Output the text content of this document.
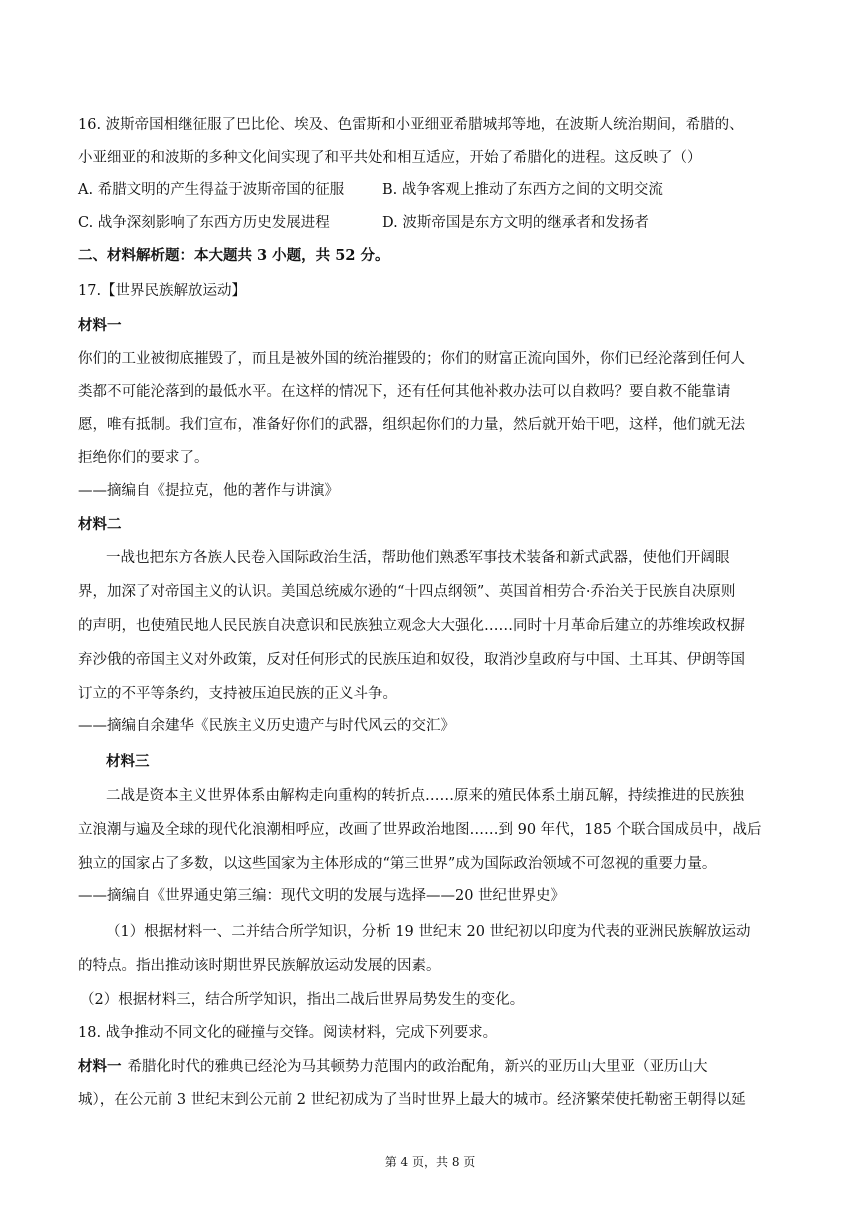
16. 波斯帝国相继征服了巴比伦、埃及、色雷斯和小亚细亚希腊城邦等地，在波斯人统治期间，希腊的、
小亚细亚的和波斯的多种文化间实现了和平共处和相互适应，开始了希腊化的进程。这反映了（）
A. 希腊文明的产生得益于波斯帝国的征服	B. 战争客观上推动了东西方之间的文明交流
C. 战争深刻影响了东西方历史发展进程	D. 波斯帝国是东方文明的继承者和发扬者
二、材料解析题：本大题共 3 小题，共 52 分。
17.【世界民族解放运动】
材料一
你们的工业被彻底摧毁了，而且是被外国的统治摧毁的；你们的财富正流向国外，你们已经沦落到任何人
类都不可能沦落到的最低水平。在这样的情况下，还有任何其他补救办法可以自救吗？要自救不能靠请
愿，唯有抵制。我们宣布，准备好你们的武器，组织起你们的力量，然后就开始干吧，这样，他们就无法
拒绝你们的要求了。
——摘编自《提拉克，他的著作与讲演》
材料二
一战也把东方各族人民卷入国际政治生活，帮助他们熟悉军事技术装备和新式武器，使他们开阔眼
界，加深了对帝国主义的认识。美国总统威尔逊的“十四点纲领”、英国首相劳合·乔治关于民族自决原则
的声明，也使殖民地人民民族自决意识和民族独立观念大大强化……同时十月革命后建立的苏维埃政权摒
弃沙俄的帝国主义对外政策，反对任何形式的民族压迫和奴役，取消沙皇政府与中国、土耳其、伊朗等国
订立的不平等条约，支持被压迫民族的正义斗争。
——摘编自余建华《民族主义历史遗产与时代风云的交汇》
材料三
二战是资本主义世界体系由解构走向重构的转折点……原来的殖民体系土崩瓦解，持续推进的民族独
立浪潮与遍及全球的现代化浪潮相呼应，改画了世界政治地图……到 90 年代，185 个联合国成员中，战后
独立的国家占了多数，以这些国家为主体形成的“第三世界”成为国际政治领域不可忽视的重要力量。
——摘编自《世界通史第三编：现代文明的发展与选择——20 世纪世界史》
（1）根据材料一、二并结合所学知识，分析 19 世纪末 20 世纪初以印度为代表的亚洲民族解放运动
的特点。指出推动该时期世界民族解放运动发展的因素。
（2）根据材料三，结合所学知识，指出二战后世界局势发生的变化。
18. 战争推动不同文化的碰撞与交锋。阅读材料，完成下列要求。
材料一 希腊化时代的雅典已经沦为马其顿势力范围内的政治配角，新兴的亚历山大里亚（亚历山大
城），在公元前 3 世纪末到公元前 2 世纪初成为了当时世界上最大的城市。经济繁荣使托勒密王朝得以延
第 4 页，共 8 页
